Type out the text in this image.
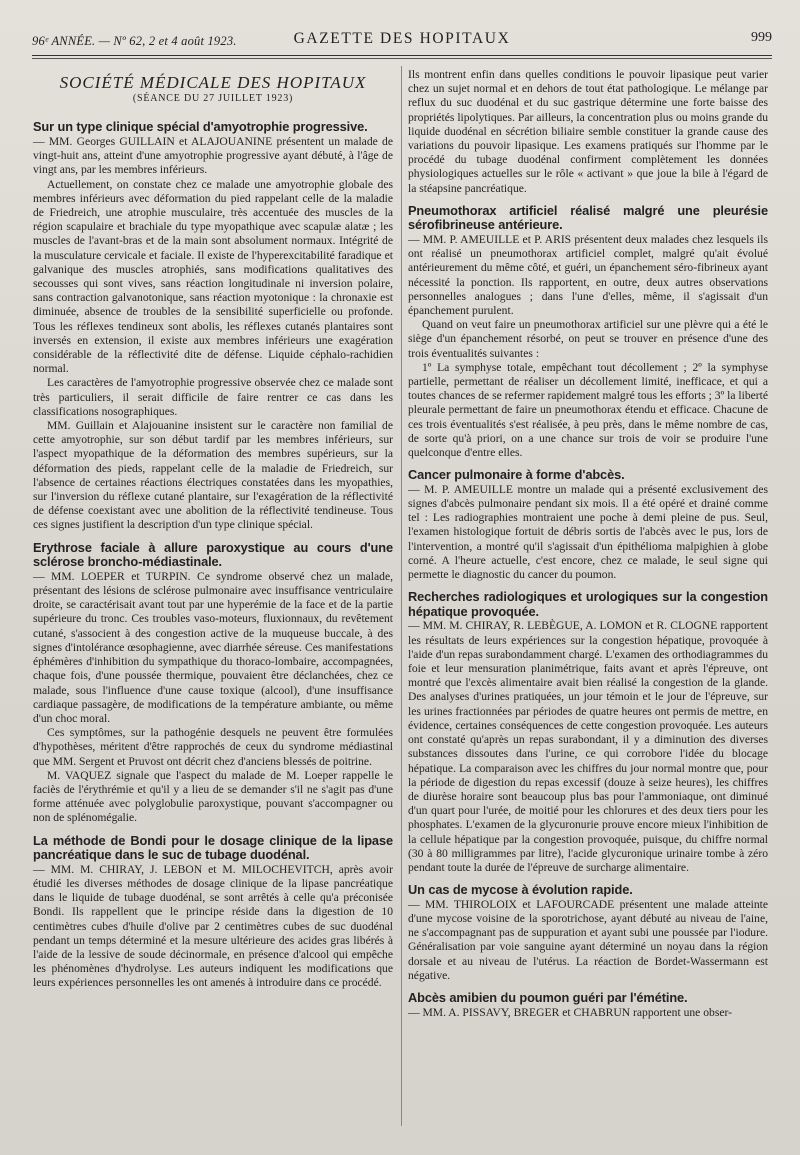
96ᵉ ANNÉE. — Nº 62, 2 et 4 août 1923.	GAZETTE DES HOPITAUX	999
SOCIÉTÉ MÉDICALE DES HOPITAUX
(SÉANCE DU 27 JUILLET 1923)
Sur un type clinique spécial d'amyotrophie progressive.

— MM. Georges GUILLAIN et ALAJOUANINE présentent un malade de vingt-huit ans, atteint d'une amyotrophie progressive ayant débuté, à l'âge de vingt ans, par les membres inférieurs.

Actuellement, on constate chez ce malade une amyotrophie globale des membres inférieurs avec déformation du pied rappelant celle de la maladie de Friedreich, une atrophie musculaire, très accentuée des muscles de la région scapulaire et brachiale du type myopathique avec scapulæ alatæ ; les muscles de l'avant-bras et de la main sont absolument normaux. Intégrité de la musculature cervicale et faciale. Il existe de l'hyperexcitabilité faradique et galvanique des muscles atrophiés, sans modifications qualitatives des secousses qui sont vives, sans réaction longitudinale ni inversion polaire, sans contraction galvanotonique, sans réaction myotonique : la chronaxie est diminuée, absence de troubles de la sensibilité superficielle ou profonde. Tous les réflexes tendineux sont abolis, les réflexes cutanés plantaires sont inversés en extension, il existe aux membres inférieurs une exagération considérable de la réflectivité dite de défense. Liquide céphalo-rachidien normal.

Les caractères de l'amyotrophie progressive observée chez ce malade sont très particuliers, il serait difficile de faire rentrer ce cas dans les classifications nosographiques.

MM. Guillain et Alajouanine insistent sur le caractère non familial de cette amyotrophie, sur son début tardif par les membres inférieurs, sur l'aspect myopathique de la déformation des membres supérieurs, sur la déformation des pieds, rappelant celle de la maladie de Friedreich, sur l'absence de certaines réactions électriques constatées dans les myopathies, sur l'inversion du réflexe cutané plantaire, sur l'exagération de la réflectivité de défense coexistant avec une abolition de la réflectivité tendineuse. Tous ces signes justifient la description d'un type clinique spécial.

Erythrose faciale à allure paroxystique au cours d'une sclérose broncho-médiastinale.

— MM. LOEPER et TURPIN. Ce syndrome observé chez un malade, présentant des lésions de sclérose pulmonaire avec insuffisance ventriculaire droite, se caractérisait avant tout par une hyperémie de la face et de la partie supérieure du tronc. Ces troubles vaso-moteurs, fluxionnaux, du revêtement cutané, s'associent à des congestion active de la muqueuse buccale, à des signes d'intolérance œsophagienne, avec diarrhée séreuse. Ces manifestations éphémères d'inhibition du sympathique du thoraco-lombaire, accompagnées, chaque fois, d'une poussée thermique, pouvaient être déclanchées, chez ce malade, sous l'influence d'une cause toxique (alcool), d'une insuffisance cardiaque passagère, de modifications de la température ambiante, ou même d'un choc moral.

Ces symptômes, sur la pathogénie desquels ne peuvent être formulées d'hypothèses, méritent d'être rapprochés de ceux du syndrome médiastinal que MM. Sergent et Pruvost ont décrit chez d'anciens blessés de poitrine.

M. VAQUEZ signale que l'aspect du malade de M. Loeper rappelle le faciès de l'érythrémie et qu'il y a lieu de se demander s'il ne s'agit pas d'une forme atténuée avec polyglobulie paroxystique, pouvant s'accompagner ou non de splénomégalie.

La méthode de Bondi pour le dosage clinique de la lipase pancréatique dans le suc de tubage duodénal.

— MM. M. CHIRAY, J. LEBON et M. MILOCHEVITCH, après avoir étudié les diverses méthodes de dosage clinique de la lipase pancréatique dans le liquide de tubage duodénal, se sont arrêtés à celle qu'a préconisée Bondi. Ils rappellent que le principe réside dans la digestion de 10 centimètres cubes d'huile d'olive par 2 centimètres cubes de suc duodénal pendant un temps déterminé et la mesure ultérieure des acides gras libérés à l'aide de la lessive de soude décinormale, en présence d'alcool qui empêche les phénomènes d'hydrolyse. Les auteurs indiquent les modifications que leurs expériences personnelles les ont amenés à introduire dans ce procédé.

Ils montrent enfin dans quelles conditions le pouvoir lipasique peut varier chez un sujet normal et en dehors de tout état pathologique. Le mélange par reflux du suc duodénal et du suc gastrique détermine une forte baisse des propriétés lipolytiques. Par ailleurs, la concentration plus ou moins grande du liquide duodénal en sécrétion biliaire semble constituer la grande cause des variations du pouvoir lipasique. Les examens pratiqués sur l'homme par le procédé du tubage duodénal confirment complètement les données physiologiques actuelles sur le rôle « activant » que joue la bile à l'égard de la stéapsine pancréatique.

Pneumothorax artificiel réalisé malgré une pleurésie sérofibrineuse antérieure.

— MM. P. AMEUILLE et P. ARIS présentent deux malades chez lesquels ils ont réalisé un pneumothorax artificiel complet, malgré qu'ait évolué antérieurement du même côté, et guéri, un épanchement séro-fibrineux ayant nécessité la ponction. Ils rapportent, en outre, deux autres observations personnelles analogues ; dans l'une d'elles, même, il s'agissait d'un épanchement purulent.

Quand on veut faire un pneumothorax artificiel sur une plèvre qui a été le siège d'un épanchement résorbé, on peut se trouver en présence d'une des trois éventualités suivantes :

1º La symphyse totale, empêchant tout décollement ; 2º la symphyse partielle, permettant de réaliser un décollement limité, inefficace, et qui a toutes chances de se refermer rapidement malgré tous les efforts ; 3º la liberté pleurale permettant de faire un pneumothorax étendu et efficace. Chacune de ces trois éventualités s'est réalisée, à peu près, dans le même nombre de cas, de sorte qu'à priori, on a une chance sur trois de voir se produire l'une quelconque d'entre elles.

Cancer pulmonaire à forme d'abcès.

— M. P. AMEUILLE montre un malade qui a présenté exclusivement des signes d'abcès pulmonaire pendant six mois. Il a été opéré et drainé comme tel : Les radiographies montraient une poche à demi pleine de pus. Seul, l'examen histologique fortuit de débris sortis de l'abcès avec le pus, lors de l'intervention, a montré qu'il s'agissait d'un épithélioma malpighien à globe corné. A l'heure actuelle, c'est encore, chez ce malade, le seul signe qui permette le diagnostic du cancer du poumon.

Recherches radiologiques et urologiques sur la congestion hépatique provoquée.

— MM. M. CHIRAY, R. LEBÈGUE, A. LOMON et R. CLOGNE rapportent les résultats de leurs expériences sur la congestion hépatique, provoquée à l'aide d'un repas surabondamment chargé. L'examen des orthodiagrammes du foie et leur mensuration planimétrique, faits avant et après l'épreuve, ont montré que l'excès alimentaire avait bien réalisé la congestion de la glande. Des analyses d'urines pratiquées, un jour témoin et le jour de l'épreuve, sur les urines fractionnées par périodes de quatre heures ont permis de mettre, en évidence, certaines conséquences de cette congestion provoquée. Les auteurs ont constaté qu'après un repas surabondant, il y a diminution des diverses substances dissoutes dans l'urine, ce qui corrobore l'idée du blocage hépatique. La comparaison avec les chiffres du jour normal montre que, pour la période de digestion du repas excessif (douze à seize heures), les chiffres de diurèse horaire sont beaucoup plus bas pour l'ammoniaque, ont diminué d'un quart pour l'urée, de moitié pour les chlorures et des deux tiers pour les phosphates. L'examen de la glycuronurie prouve encore mieux l'inhibition de la cellule hépatique par la congestion provoquée, puisque, du chiffre normal (30 à 80 milligrammes par litre), l'acide glycuronique urinaire tombe à zéro pendant toute la durée de l'épreuve de surcharge alimentaire.

Un cas de mycose à évolution rapide.

— MM. THIROLOIX et LAFOURCADE présentent une malade atteinte d'une mycose voisine de la sporotrichose, ayant débuté au niveau de l'aine, ne s'accompagnant pas de suppuration et ayant subi une poussée par l'iodure. Généralisation par voie sanguine ayant déterminé un noyau dans la région dorsale et au niveau de l'utérus. La réaction de Bordet-Wassermann est négative.

Abcès amibien du poumon guéri par l'émétine.

— MM. A. PISSAVY, BREGER et CHABRUN rapportent une obser-
